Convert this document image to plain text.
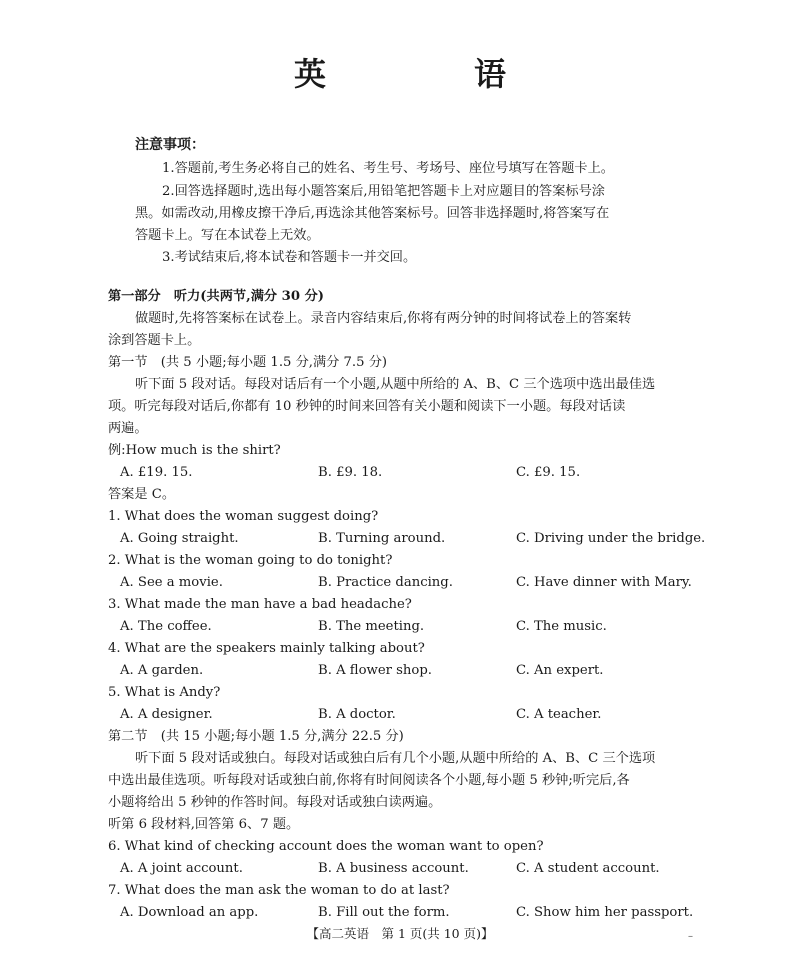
英　　语
注意事项：
1.答题前,考生务必将自己的姓名、考生号、考场号、座位号填写在答题卡上。
2.回答选择题时,选出每小题答案后,用铅笔把答题卡上对应题目的答案标号涂
黑。如需改动,用橡皮擦干净后,再选涂其他答案标号。回答非选择题时,将答案写在
答题卡上。写在本试卷上无效。
3.考试结束后,将本试卷和答题卡一并交回。
第一部分　听力(共两节,满分 30 分)
做题时,先将答案标在试卷上。录音内容结束后,你将有两分钟的时间将试卷上的答案转
涂到答题卡上。
第一节　(共 5 小题;每小题 1.5 分,满分 7.5 分)
听下面 5 段对话。每段对话后有一个小题,从题中所给的 A、B、C 三个选项中选出最佳选
项。听完每段对话后,你都有 10 秒钟的时间来回答有关小题和阅读下一小题。每段对话读
两遍。
例:How much is the shirt?
A. £19. 15.	B. £9. 18.	C. £9. 15.
答案是 C。
1. What does the woman suggest doing?
A. Going straight.	B. Turning around.	C. Driving under the bridge.
2. What is the woman going to do tonight?
A. See a movie.	B. Practice dancing.	C. Have dinner with Mary.
3. What made the man have a bad headache?
A. The coffee.	B. The meeting.	C. The music.
4. What are the speakers mainly talking about?
A. A garden.	B. A flower shop.	C. An expert.
5. What is Andy?
A. A designer.	B. A doctor.	C. A teacher.
第二节　(共 15 小题;每小题 1.5 分,满分 22.5 分)
听下面 5 段对话或独白。每段对话或独白后有几个小题,从题中所给的 A、B、C 三个选项
中选出最佳选项。听每段对话或独白前,你将有时间阅读各个小题,每小题 5 秒钟;听完后,各
小题将给出 5 秒钟的作答时间。每段对话或独白读两遍。
听第 6 段材料,回答第 6、7 题。
6. What kind of checking account does the woman want to open?
A. A joint account.	B. A business account.	C. A student account.
7. What does the man ask the woman to do at last?
A. Download an app.	B. Fill out the form.	C. Show him her passport.
【高二英语　第 1 页(共 10 页)】	–
